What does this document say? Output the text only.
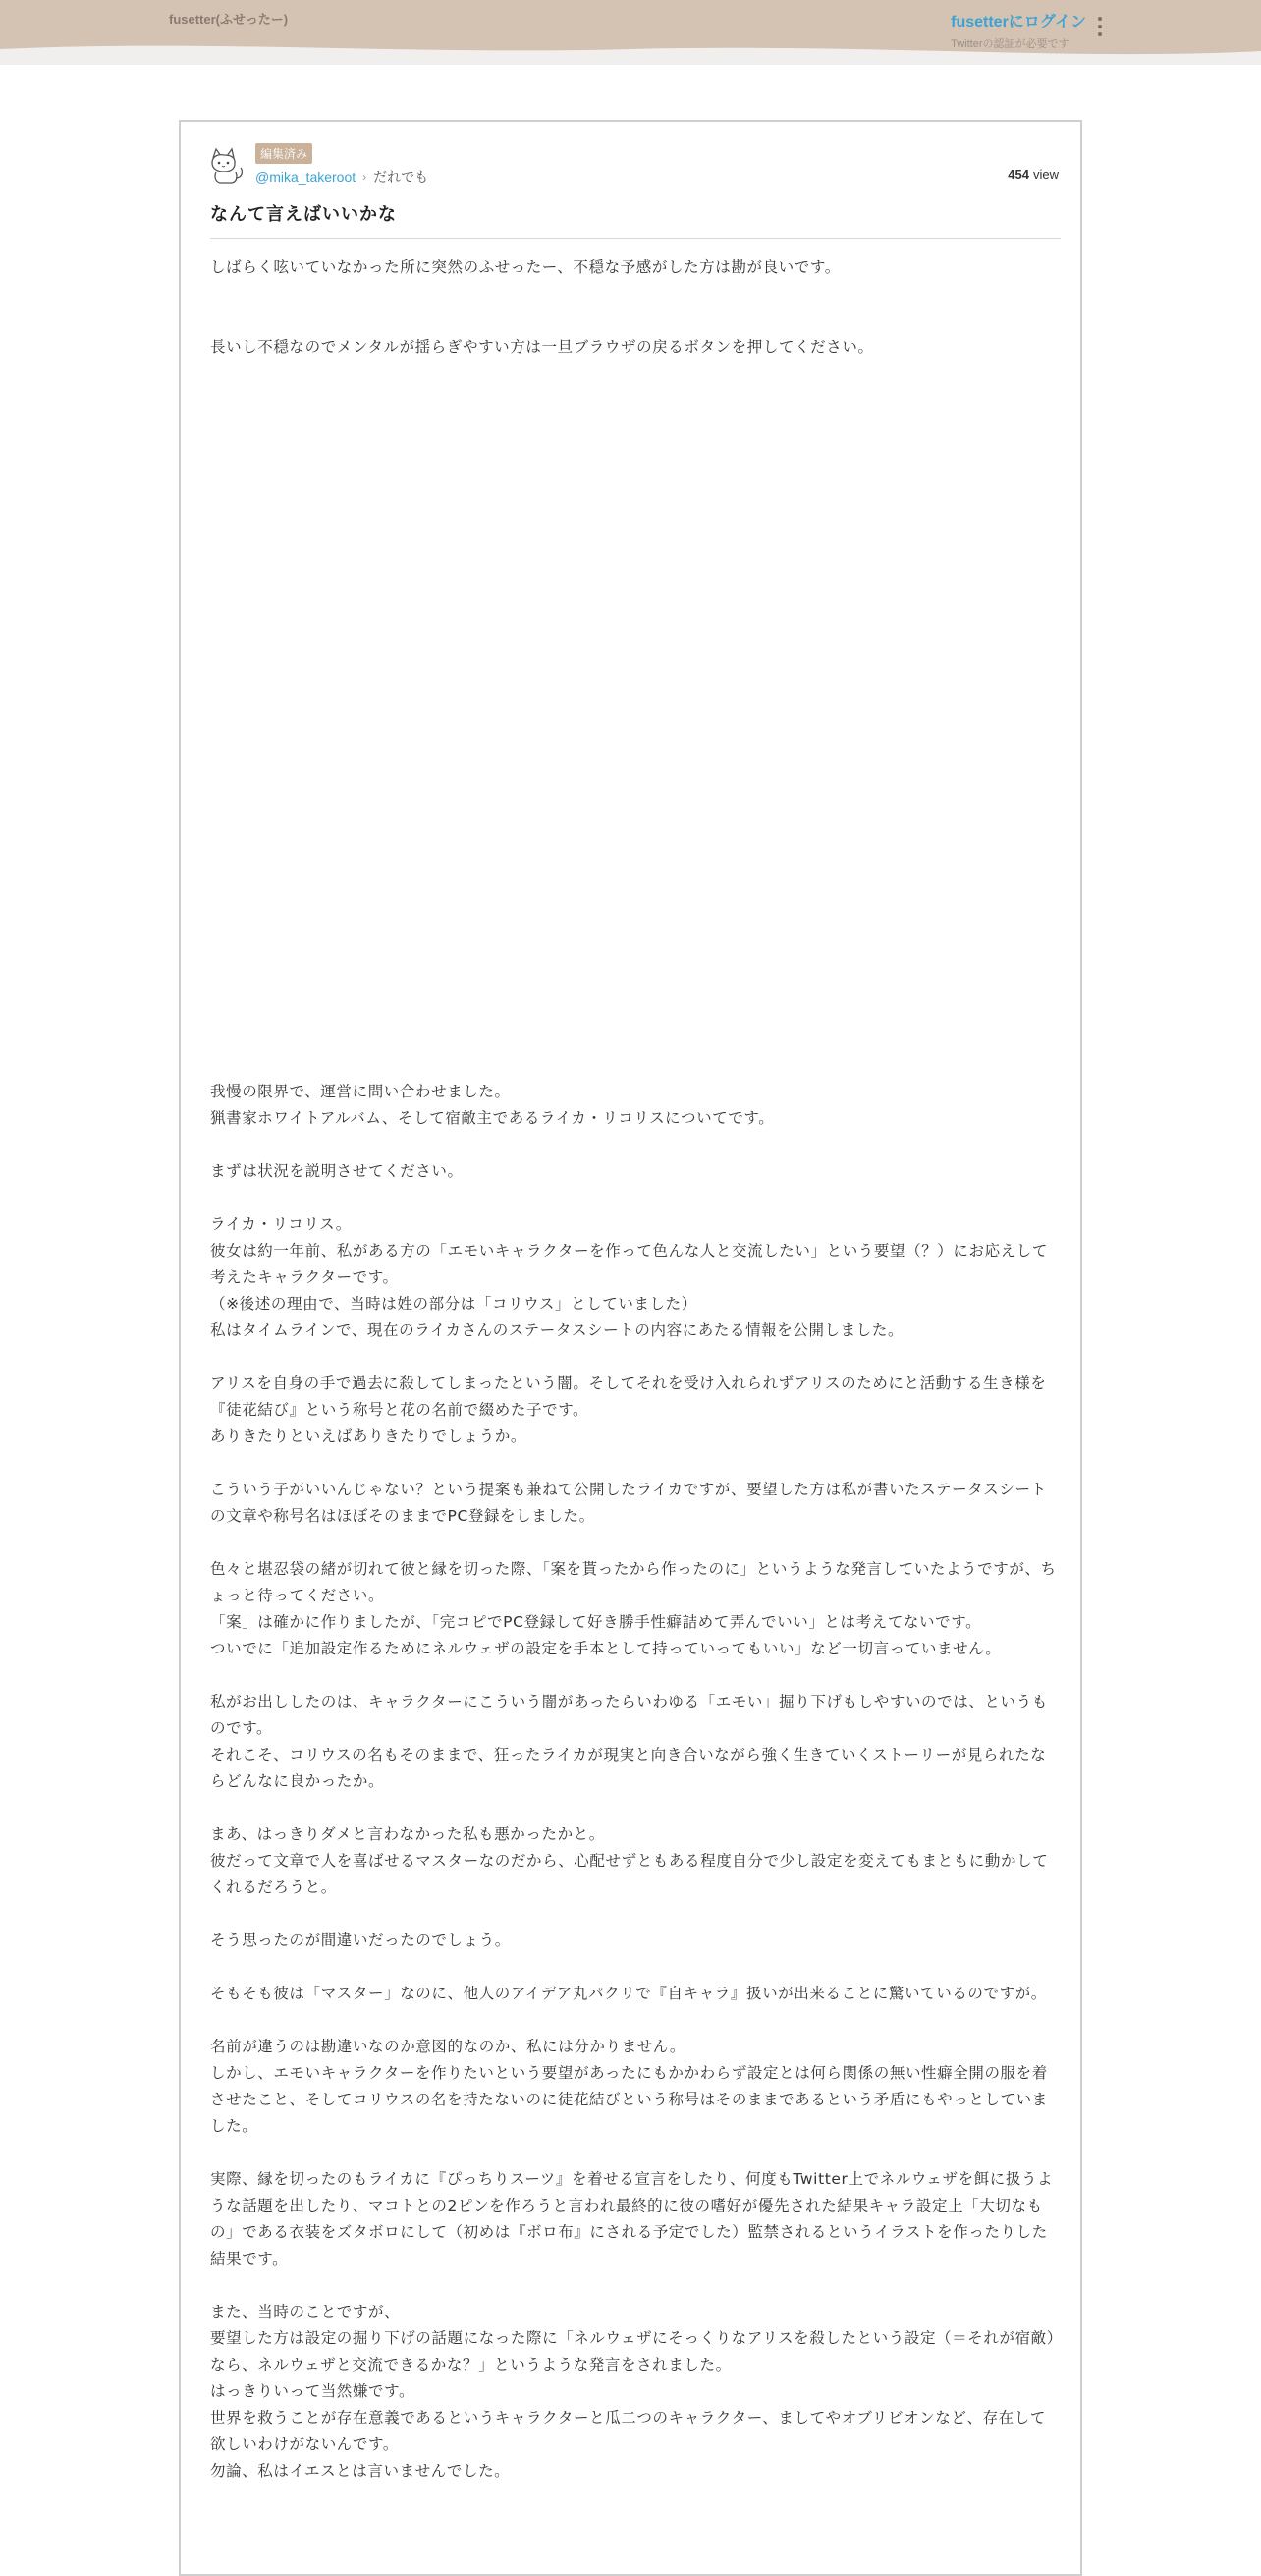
fusetter(ふせったー)	fusetterにログイン
Twitterの認証が必要です
編集済み
@mika_takeroot › だれでも	454 view
なんて言えばいいかな

しばらく呟いていなかった所に突然のふせったー、不穏な予感がした方は勘が良いです。

長いし不穏なのでメンタルが揺らぎやすい方は一旦ブラウザの戻るボタンを押してください。

我慢の限界で、運営に問い合わせました。

猟書家ホワイトアルバム、そして宿敵主であるライカ・リコリスについてです。

まずは状況を説明させてください。

ライカ・リコリス。

彼女は約一年前、私がある方の「エモいキャラクターを作って色んな人と交流したい」という要望（？）にお応えして考えたキャラクターです。

（※後述の理由で、当時は姓の部分は「コリウス」としていました）

私はタイムラインで、現在のライカさんのステータスシートの内容にあたる情報を公開しました。

アリスを自身の手で過去に殺してしまったという闇。そしてそれを受け入れられずアリスのためにと活動する生き様を『徒花結び』という称号と花の名前で綴めた子です。

ありきたりといえばありきたりでしょうか。

こういう子がいいんじゃない？という提案も兼ねて公開したライカですが、要望した方は私が書いたステータスシートの文章や称号名はほぼそのままでPC登録をしました。

色々と堪忍袋の緒が切れて彼と縁を切った際、「案を貰ったから作ったのに」というような発言していたようですが、ちょっと待ってください。

「案」は確かに作りましたが、「完コピでPC登録して好き勝手性癖詰めて弄んでいい」とは考えてないです。

ついでに「追加設定作るためにネルウェザの設定を手本として持っていってもいい」など一切言っていません。

私がお出ししたのは、キャラクターにこういう闇があったらいわゆる「エモい」掘り下げもしやすいのでは、というものです。

それこそ、コリウスの名もそのままで、狂ったライカが現実と向き合いながら強く生きていくストーリーが見られたならどんなに良かったか。

まあ、はっきりダメと言わなかった私も悪かったかと。

彼だって文章で人を喜ばせるマスターなのだから、心配せずともある程度自分で少し設定を変えてもまともに動かしてくれるだろうと。

そう思ったのが間違いだったのでしょう。

そもそも彼は「マスター」なのに、他人のアイデア丸パクリで『自キャラ』扱いが出来ることに驚いているのですが。

名前が違うのは勘違いなのか意図的なのか、私には分かりません。

しかし、エモいキャラクターを作りたいという要望があったにもかかわらず設定とは何ら関係の無い性癖全開の服を着させたこと、そしてコリウスの名を持たないのに徒花結びという称号はそのままであるという矛盾にもやっとしていました。

実際、縁を切ったのもライカに『ぴっちりスーツ』を着せる宣言をしたり、何度もTwitter上でネルウェザを餌に扱うような話題を出したり、マコトとの2ピンを作ろうと言われ最終的に彼の嗜好が優先された結果キャラ設定上「大切なもの」である衣装をズタボロにして（初めは『ボロ布』にされる予定でした）監禁されるというイラストを作ったりした結果です。

また、当時のことですが、

要望した方は設定の掘り下げの話題になった際に「ネルウェザにそっくりなアリスを殺したという設定（＝それが宿敵）なら、ネルウェザと交流できるかな？」というような発言をされました。

はっきりいって当然嫌です。

世界を救うことが存在意義であるというキャラクターと瓜二つのキャラクター、ましてやオブリビオンなど、存在して欲しいわけがないんです。

勿論、私はイエスとは言いませんでした。
